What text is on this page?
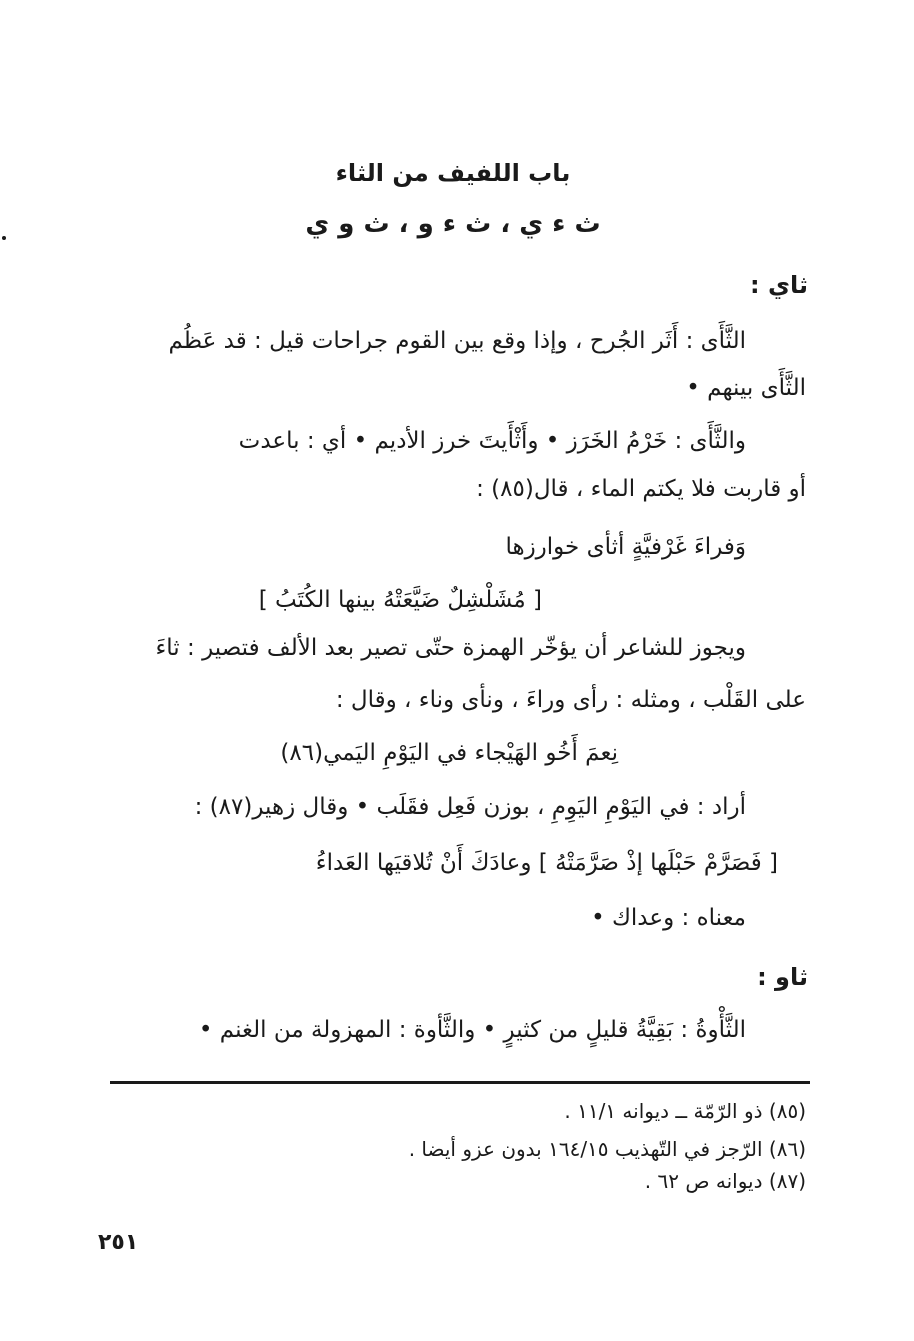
باب اللفيف من الثاء
ث ء ي ، ث ء و ، ث و ي
ثاي :
الثَّأَى : أَثَر الجُرح ، وإذا وقع بين القوم جراحات قيل : قد عَظُم
الثَّأَى بينهم •
والثَّأَى : خَرْمُ الخَرَز • وأَثْأَيتَ خرز الأديم • أي : باعدت
أو قاربت فلا يكتم الماء ، قال(٨٥) :
وَفراءَ غَرْفيَّةٍ أثأى خوارزها
[ مُشَلْشِلٌ ضَيَّعَتْهُ بينها الكُتَبُ ]
ويجوز للشاعر أن يؤخّر الهمزة حتّى تصير بعد الألف فتصير : ثاءَ
على القَلْب ، ومثله : رأى وراءَ ، ونأى وناء ، وقال :
نِعمَ أَخُو الهَيْجاء في اليَوْمِ اليَمي(٨٦)
أراد : في اليَوْمِ اليَوِمِ ، بوزن فَعِل فقَلَب • وقال زهير(٨٧) :
[ فَصَرَّمْ حَبْلَها إذْ صَرَّمَتْهُ ] وعادَكَ أَنْ تُلاقيَها العَداءُ
معناه : وعداك •
ثاو :
الثَّأْوةُ : بَقِيَّةُ قليلٍ من كثيرٍ • والثَّأوة : المهزولة من الغنم •
(٨٥) ذو الرّمّة ــ ديوانه ١١/١ .
(٨٦) الرّجز في التّهذيب ١٦٤/١٥ بدون عزو أيضا .
(٨٧) ديوانه ص ٦٢ .
٢٥١
